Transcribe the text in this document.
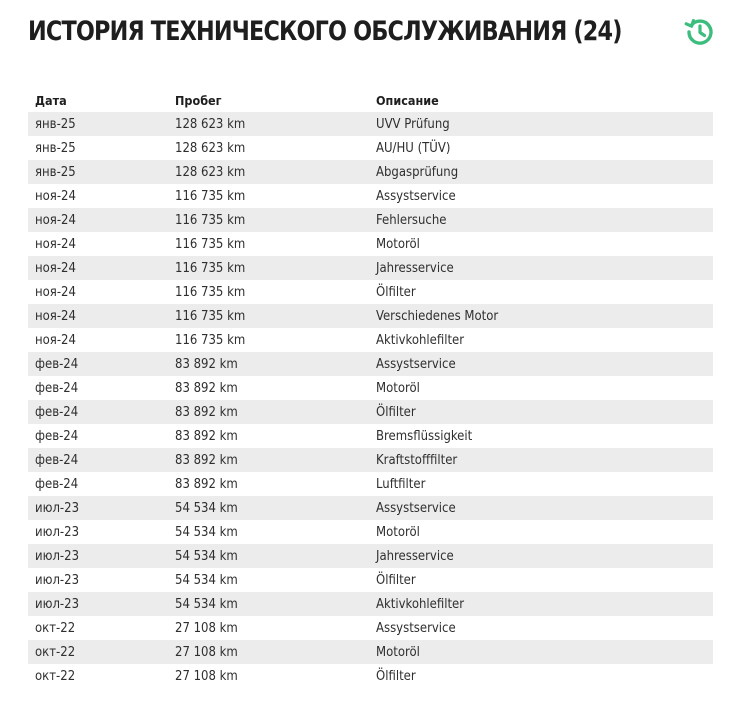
ИСТОРИЯ ТЕХНИЧЕСКОГО ОБСЛУЖИВАНИЯ (24)
Дата	Пробег	Описание
янв-25	128 623 km	UVV Prüfung
янв-25	128 623 km	AU/HU (TÜV)
янв-25	128 623 km	Abgasprüfung
ноя-24	116 735 km	Assystservice
ноя-24	116 735 km	Fehlersuche
ноя-24	116 735 km	Motoröl
ноя-24	116 735 km	Jahresservice
ноя-24	116 735 km	Ölfilter
ноя-24	116 735 km	Verschiedenes Motor
ноя-24	116 735 km	Aktivkohlefilter
фев-24	83 892 km	Assystservice
фев-24	83 892 km	Motoröl
фев-24	83 892 km	Ölfilter
фев-24	83 892 km	Bremsflüssigkeit
фев-24	83 892 km	Kraftstofffilter
фев-24	83 892 km	Luftfilter
июл-23	54 534 km	Assystservice
июл-23	54 534 km	Motoröl
июл-23	54 534 km	Jahresservice
июл-23	54 534 km	Ölfilter
июл-23	54 534 km	Aktivkohlefilter
окт-22	27 108 km	Assystservice
окт-22	27 108 km	Motoröl
окт-22	27 108 km	Ölfilter
